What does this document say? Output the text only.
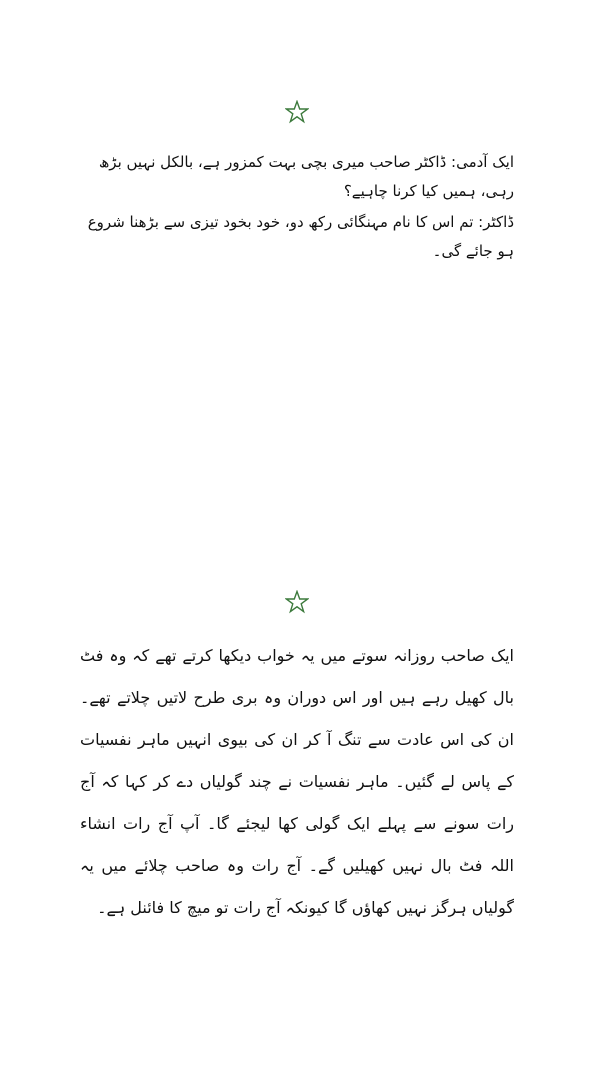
ایک آدمی: ڈاکٹر صاحب میری بچی بہت کمزور ہے، بالکل نہیں بڑھ رہی، ہمیں کیا کرنا چاہیے؟

ڈاکٹر: تم اس کا نام مہنگائی رکھ دو، خود بخود تیزی سے بڑھنا شروع ہو جائے گی۔

ایک صاحب روزانہ سوتے میں یہ خواب دیکھا کرتے تھے کہ وہ فٹ بال کھیل رہے ہیں اور اس دوران وہ بری طرح لاتیں چلاتے تھے۔ ان کی اس عادت سے تنگ آ کر ان کی بیوی انہیں ماہر نفسیات کے پاس لے گئیں۔ ماہر نفسیات نے چند گولیاں دے کر کہا کہ آج رات سونے سے پہلے ایک گولی کھا لیجئے گا۔ آپ آج رات انشاء اللہ فٹ بال نہیں کھیلیں گے۔ آج رات وہ صاحب چلائے میں یہ گولیاں ہرگز نہیں کھاؤں گا کیونکہ آج رات تو میچ کا فائنل ہے۔
